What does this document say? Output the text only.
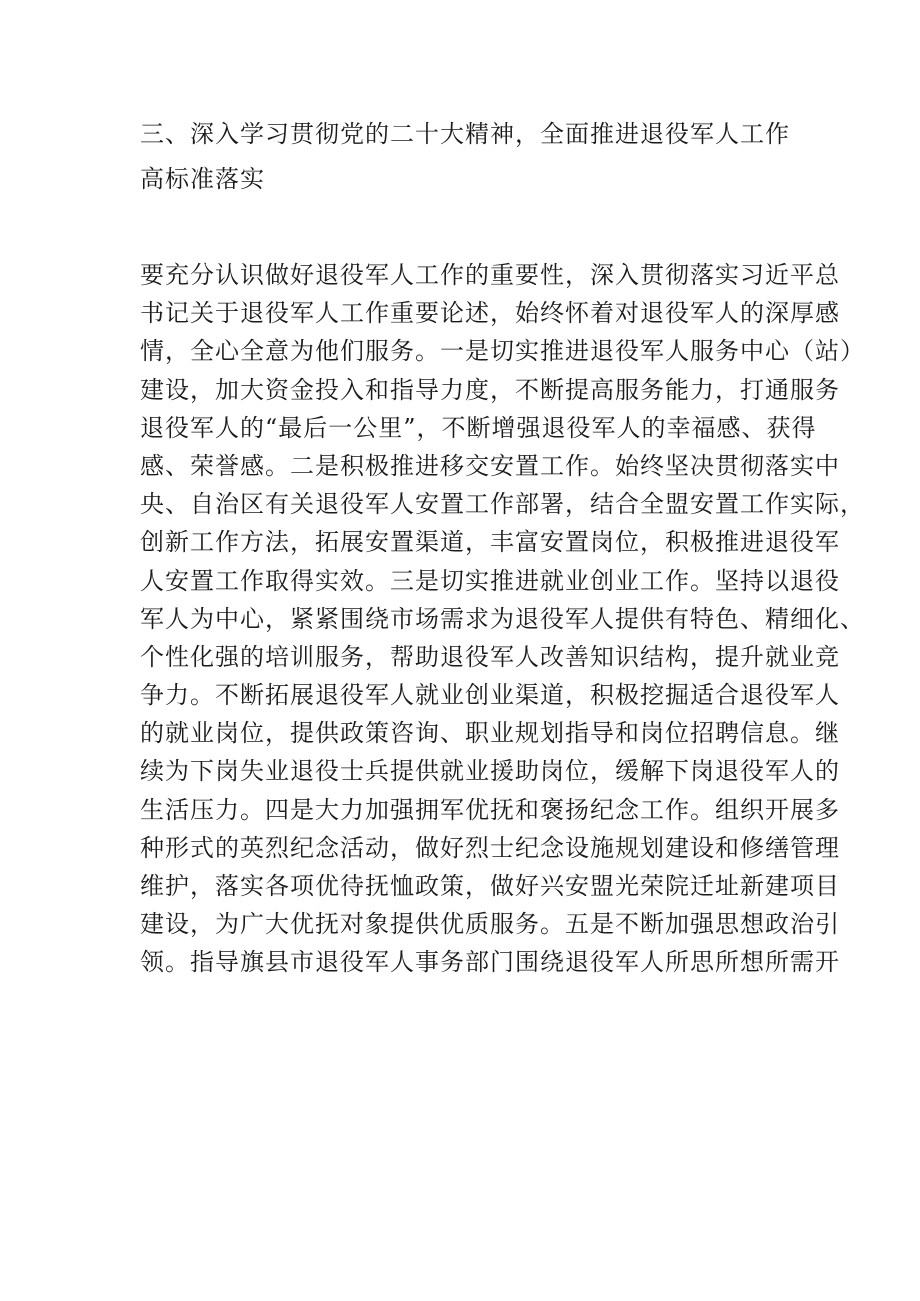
三、深入学习贯彻党的二十大精神，全面推进退役军人工作高标准落实
要充分认识做好退役军人工作的重要性，深入贯彻落实习近平总
书记关于退役军人工作重要论述，始终怀着对退役军人的深厚感
情，全心全意为他们服务。一是切实推进退役军人服务中心（站）
建设，加大资金投入和指导力度，不断提高服务能力，打通服务
退役军人的“最后一公里”，不断增强退役军人的幸福感、获得
感、荣誉感。二是积极推进移交安置工作。始终坚决贯彻落实中
央、自治区有关退役军人安置工作部署，结合全盟安置工作实际，
创新工作方法，拓展安置渠道，丰富安置岗位，积极推进退役军
人安置工作取得实效。三是切实推进就业创业工作。坚持以退役
军人为中心，紧紧围绕市场需求为退役军人提供有特色、精细化、
个性化强的培训服务，帮助退役军人改善知识结构，提升就业竞
争力。不断拓展退役军人就业创业渠道，积极挖掘适合退役军人
的就业岗位，提供政策咨询、职业规划指导和岗位招聘信息。继
续为下岗失业退役士兵提供就业援助岗位，缓解下岗退役军人的
生活压力。四是大力加强拥军优抚和褒扬纪念工作。组织开展多
种形式的英烈纪念活动，做好烈士纪念设施规划建设和修缮管理
维护，落实各项优待抚恤政策，做好兴安盟光荣院迁址新建项目
建设，为广大优抚对象提供优质服务。五是不断加强思想政治引
领。指导旗县市退役军人事务部门围绕退役军人所思所想所需开
